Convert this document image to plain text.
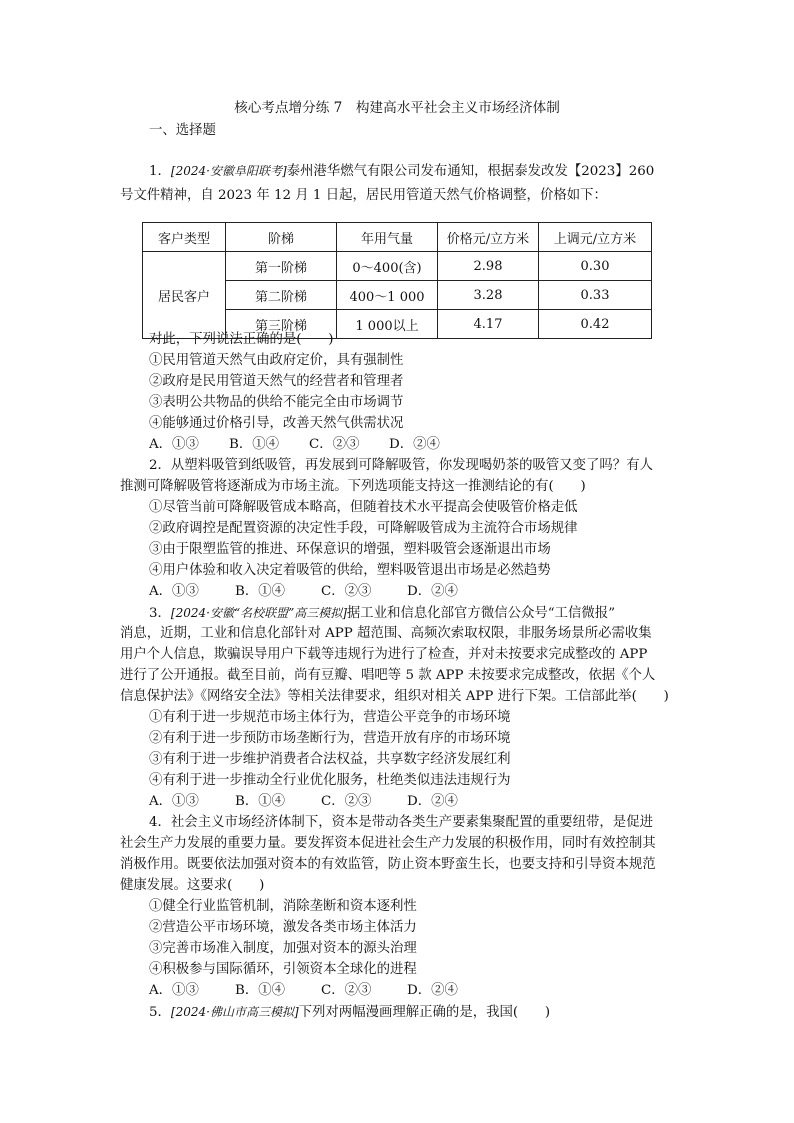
核心考点增分练 7　构建高水平社会主义市场经济体制
一、选择题
1．[2024·安徽阜阳联考]泰州港华燃气有限公司发布通知，根据泰发改发【2023】260
号文件精神，自 2023 年 12 月 1 日起，居民用管道天然气价格调整，价格如下：
客户类型	阶梯	年用气量	价格元/立方米	上调元/立方米
居民客户	第一阶梯	0～400(含)	2.98	0.30
	第二阶梯	400～1 000	3.28	0.33
	第三阶梯	1 000以上	4.17	0.42
对此，下列说法正确的是(　　)
①民用管道天然气由政府定价，具有强制性
②政府是民用管道天然气的经营者和管理者
③表明公共物品的供给不能完全由市场调节
④能够通过价格引导，改善天然气供需状况
A．①③ B．①④ C．②③ D．②④
2．从塑料吸管到纸吸管，再发展到可降解吸管，你发现喝奶茶的吸管又变了吗？有人
推测可降解吸管将逐渐成为市场主流。下列选项能支持这一推测结论的有(　　)
①尽管当前可降解吸管成本略高，但随着技术水平提高会使吸管价格走低
②政府调控是配置资源的决定性手段，可降解吸管成为主流符合市场规律
③由于限塑监管的推进、环保意识的增强，塑料吸管会逐渐退出市场
④用户体验和收入决定着吸管的供给，塑料吸管退出市场是必然趋势
A．①③	B．①④	C．②③	D．②④
3．[2024·安徽“名校联盟”高三模拟]据工业和信息化部官方微信公众号“工信微报”
消息，近期，工业和信息化部针对 APP 超范围、高频次索取权限，非服务场景所必需收集
用户个人信息，欺骗误导用户下载等违规行为进行了检查，并对未按要求完成整改的 APP
进行了公开通报。截至目前，尚有豆瓣、唱吧等 5 款 APP 未按要求完成整改，依据《个人
信息保护法》《网络安全法》等相关法律要求，组织对相关 APP 进行下架。工信部此举(　　)
①有利于进一步规范市场主体行为，营造公平竞争的市场环境
②有利于进一步预防市场垄断行为，营造开放有序的市场环境
③有利于进一步维护消费者合法权益，共享数字经济发展红利
④有利于进一步推动全行业优化服务，杜绝类似违法违规行为
A．①③	B．①④	C．②③	D．②④
4．社会主义市场经济体制下，资本是带动各类生产要素集聚配置的重要纽带，是促进
社会生产力发展的重要力量。要发挥资本促进社会生产力发展的积极作用，同时有效控制其
消极作用。既要依法加强对资本的有效监管，防止资本野蛮生长，也要支持和引导资本规范
健康发展。这要求(　　)
①健全行业监管机制，消除垄断和资本逐利性
②营造公平市场环境，激发各类市场主体活力
③完善市场准入制度，加强对资本的源头治理
④积极参与国际循环，引领资本全球化的进程
A．①③	B．①④	C．②③	D．②④
5．[2024·佛山市高三模拟]下列对两幅漫画理解正确的是，我国(　　)
